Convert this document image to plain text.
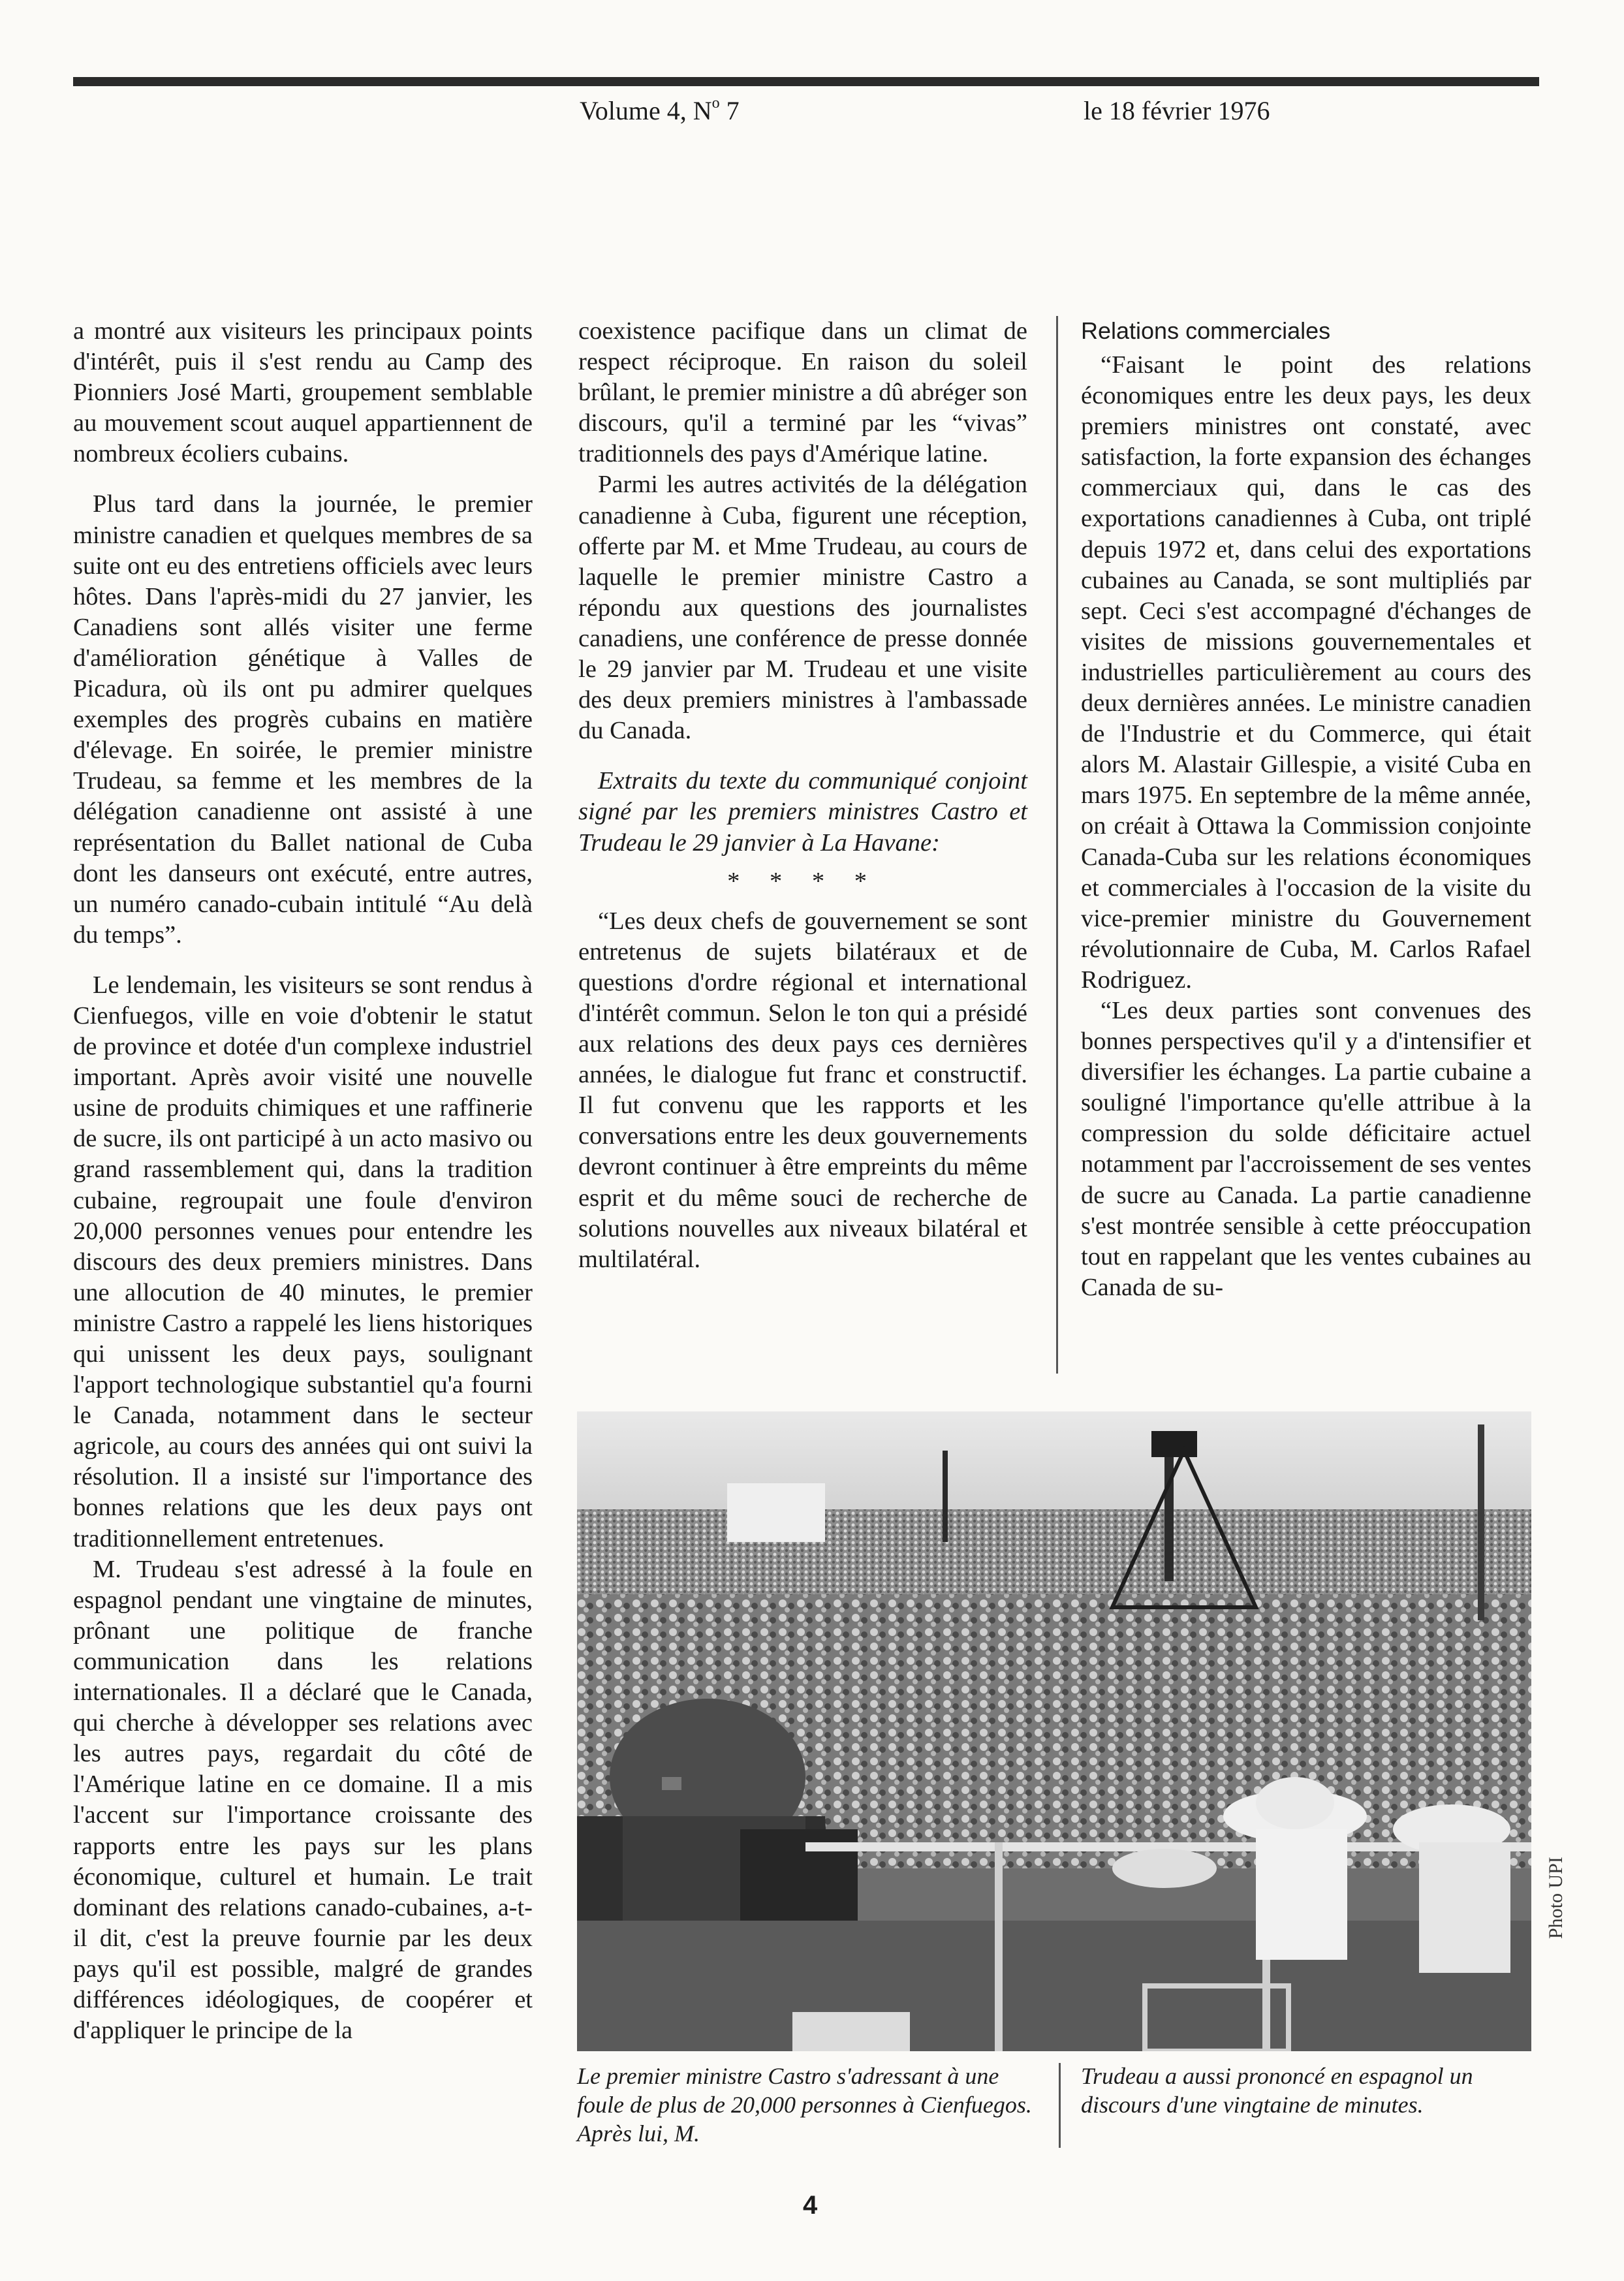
Volume 4, $N^o$ 7	le 18 février 1976

a montré aux visiteurs les principaux points d'intérêt, puis il s'est rendu au Camp des Pionniers José Marti, groupement semblable au mouvement scout auquel appartiennent de nombreux écoliers cubains.

Plus tard dans la journée, le premier ministre canadien et quelques membres de sa suite ont eu des entretiens officiels avec leurs hôtes. Dans l'après-midi du 27 janvier, les Canadiens sont allés visiter une ferme d'amélioration génétique à Valles de Picadura, où ils ont pu admirer quelques exemples des progrès cubains en matière d'élevage. En soirée, le premier ministre Trudeau, sa femme et les membres de la délégation canadienne ont assisté à une représentation du Ballet national de Cuba dont les danseurs ont exécuté, entre autres, un numéro canado-cubain intitulé “Au delà du temps”.

Le lendemain, les visiteurs se sont rendus à Cienfuegos, ville en voie d'obtenir le statut de province et dotée d'un complexe industriel important. Après avoir visité une nouvelle usine de produits chimiques et une raffinerie de sucre, ils ont participé à un acto masivo ou grand rassemblement qui, dans la tradition cubaine, regroupait une foule d'environ 20,000 personnes venues pour entendre les discours des deux premiers ministres. Dans une allocution de 40 minutes, le premier ministre Castro a rappelé les liens historiques qui unissent les deux pays, soulignant l'apport technologique substantiel qu'a fourni le Canada, notamment dans le secteur agricole, au cours des années qui ont suivi la résolution. Il a insisté sur l'importance des bonnes relations que les deux pays ont traditionnellement entretenues.

M. Trudeau s'est adressé à la foule en espagnol pendant une vingtaine de minutes, prônant une politique de franche communication dans les relations internationales. Il a déclaré que le Canada, qui cherche à développer ses relations avec les autres pays, regardait du côté de l'Amérique latine en ce domaine. Il a mis l'accent sur l'importance croissante des rapports entre les pays sur les plans économique, culturel et humain. Le trait dominant des relations canado-cubaines, a-t-il dit, c'est la preuve fournie par les deux pays qu'il est possible, malgré de grandes différences idéologiques, de coopérer et d'appliquer le principe de la

coexistence pacifique dans un climat de respect réciproque. En raison du soleil brûlant, le premier ministre a dû abréger son discours, qu'il a terminé par les “vivas” traditionnels des pays d'Amérique latine.

Parmi les autres activités de la délégation canadienne à Cuba, figurent une réception, offerte par M. et Mme Trudeau, au cours de laquelle le premier ministre Castro a répondu aux questions des journalistes canadiens, une conférence de presse donnée le 29 janvier par M. Trudeau et une visite des deux premiers ministres à l'ambassade du Canada.

Extraits du texte du communiqué conjoint signé par les premiers ministres Castro et Trudeau le 29 janvier à La Havane:

* * * *

“Les deux chefs de gouvernement se sont entretenus de sujets bilatéraux et de questions d'ordre régional et international d'intérêt commun. Selon le ton qui a présidé aux relations des deux pays ces dernières années, le dialogue fut franc et constructif. Il fut convenu que les rapports et les conversations entre les deux gouvernements devront continuer à être empreints du même esprit et du même souci de recherche de solutions nouvelles aux niveaux bilatéral et multilatéral.

Relations commerciales

“Faisant le point des relations économiques entre les deux pays, les deux premiers ministres ont constaté, avec satisfaction, la forte expansion des échanges commerciaux qui, dans le cas des exportations canadiennes à Cuba, ont triplé depuis 1972 et, dans celui des exportations cubaines au Canada, se sont multipliés par sept. Ceci s'est accompagné d'échanges de visites de missions gouvernementales et industrielles particulièrement au cours des deux dernières années. Le ministre canadien de l'Industrie et du Commerce, qui était alors M. Alastair Gillespie, a visité Cuba en mars 1975. En septembre de la même année, on créait à Ottawa la Commission conjointe Canada-Cuba sur les relations économiques et commerciales à l'occasion de la visite du vice-premier ministre du Gouvernement révolutionnaire de Cuba, M. Carlos Rafael Rodriguez.

“Les deux parties sont convenues des bonnes perspectives qu'il y a d'intensifier et diversifier les échanges. La partie cubaine a souligné l'importance qu'elle attribue à la compression du solde déficitaire actuel notamment par l'accroissement de ses ventes de sucre au Canada. La partie canadienne s'est montrée sensible à cette préoccupation tout en rappelant que les ventes cubaines au Canada de su-

Photo UPI
Le premier ministre Castro s'adressant à une foule de plus de 20,000 personnes à Cienfuegos. Après lui, M.
Trudeau a aussi prononcé en espagnol un discours d'une vingtaine de minutes.
4
